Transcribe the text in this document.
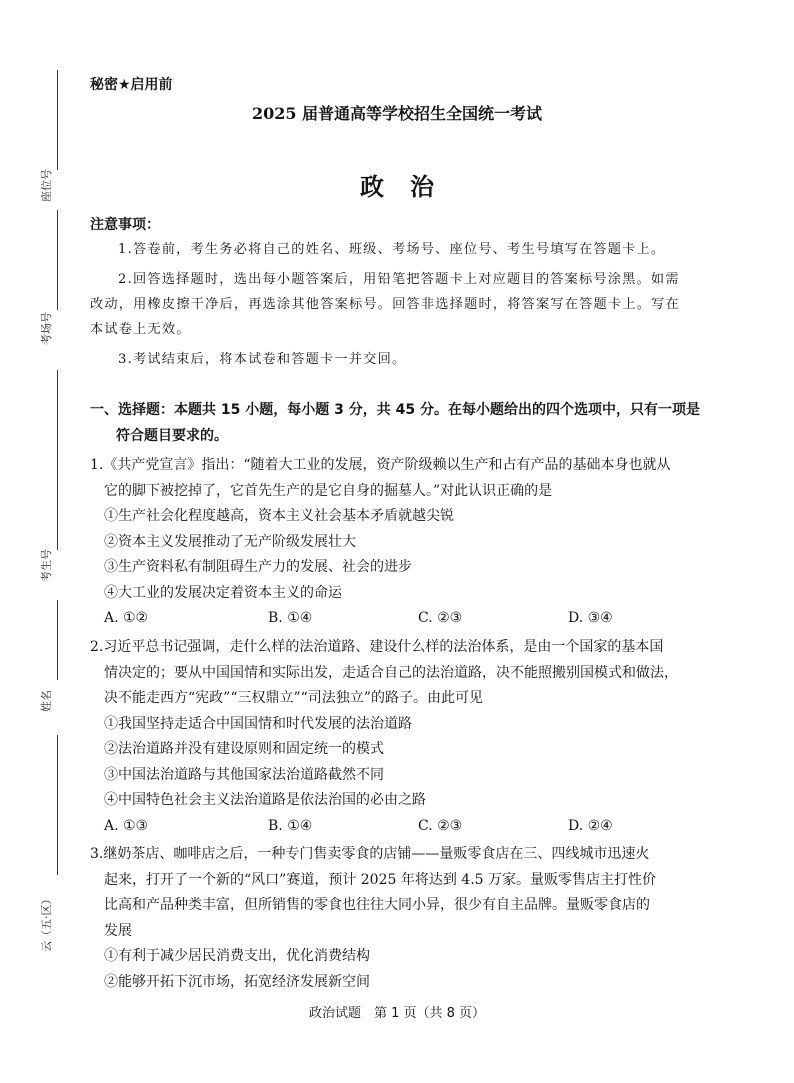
座位号
考场号
考生号
姓名
云（五·区）
秘密★启用前
2025 届普通高等学校招生全国统一考试
政治
注意事项：
1.答卷前，考生务必将自己的姓名、班级、考场号、座位号、考生号填写在答题卡上。
2.回答选择题时，选出每小题答案后，用铅笔把答题卡上对应题目的答案标号涂黑。如需
改动，用橡皮擦干净后，再选涂其他答案标号。回答非选择题时，将答案写在答题卡上。写在
本试卷上无效。
3.考试结束后，将本试卷和答题卡一并交回。
一、选择题：本题共 15 小题，每小题 3 分，共 45 分。在每小题给出的四个选项中，只有一项是
符合题目要求的。
1.《共产党宣言》指出：“随着大工业的发展，资产阶级赖以生产和占有产品的基础本身也就从
它的脚下被挖掉了，它首先生产的是它自身的掘墓人。”对此认识正确的是
①生产社会化程度越高，资本主义社会基本矛盾就越尖锐
②资本主义发展推动了无产阶级发展壮大
③生产资料私有制阻碍生产力的发展、社会的进步
④大工业的发展决定着资本主义的命运
A. ①②	B. ①④	C. ②③	D. ③④
2.习近平总书记强调，走什么样的法治道路、建设什么样的法治体系，是由一个国家的基本国
情决定的；要从中国国情和实际出发，走适合自己的法治道路，决不能照搬别国模式和做法，
决不能走西方“宪政”“三权鼎立”“司法独立”的路子。由此可见
①我国坚持走适合中国国情和时代发展的法治道路
②法治道路并没有建设原则和固定统一的模式
③中国法治道路与其他国家法治道路截然不同
④中国特色社会主义法治道路是依法治国的必由之路
A. ①③	B. ①④	C. ②③	D. ②④
3.继奶茶店、咖啡店之后，一种专门售卖零食的店铺——量贩零食店在三、四线城市迅速火
起来，打开了一个新的“风口”赛道，预计 2025 年将达到 4.5 万家。量贩零售店主打性价
比高和产品种类丰富，但所销售的零食也往往大同小异，很少有自主品牌。量贩零食店的
发展
①有利于减少居民消费支出，优化消费结构
②能够开拓下沉市场，拓宽经济发展新空间
政治试题　第 1 页（共 8 页）
